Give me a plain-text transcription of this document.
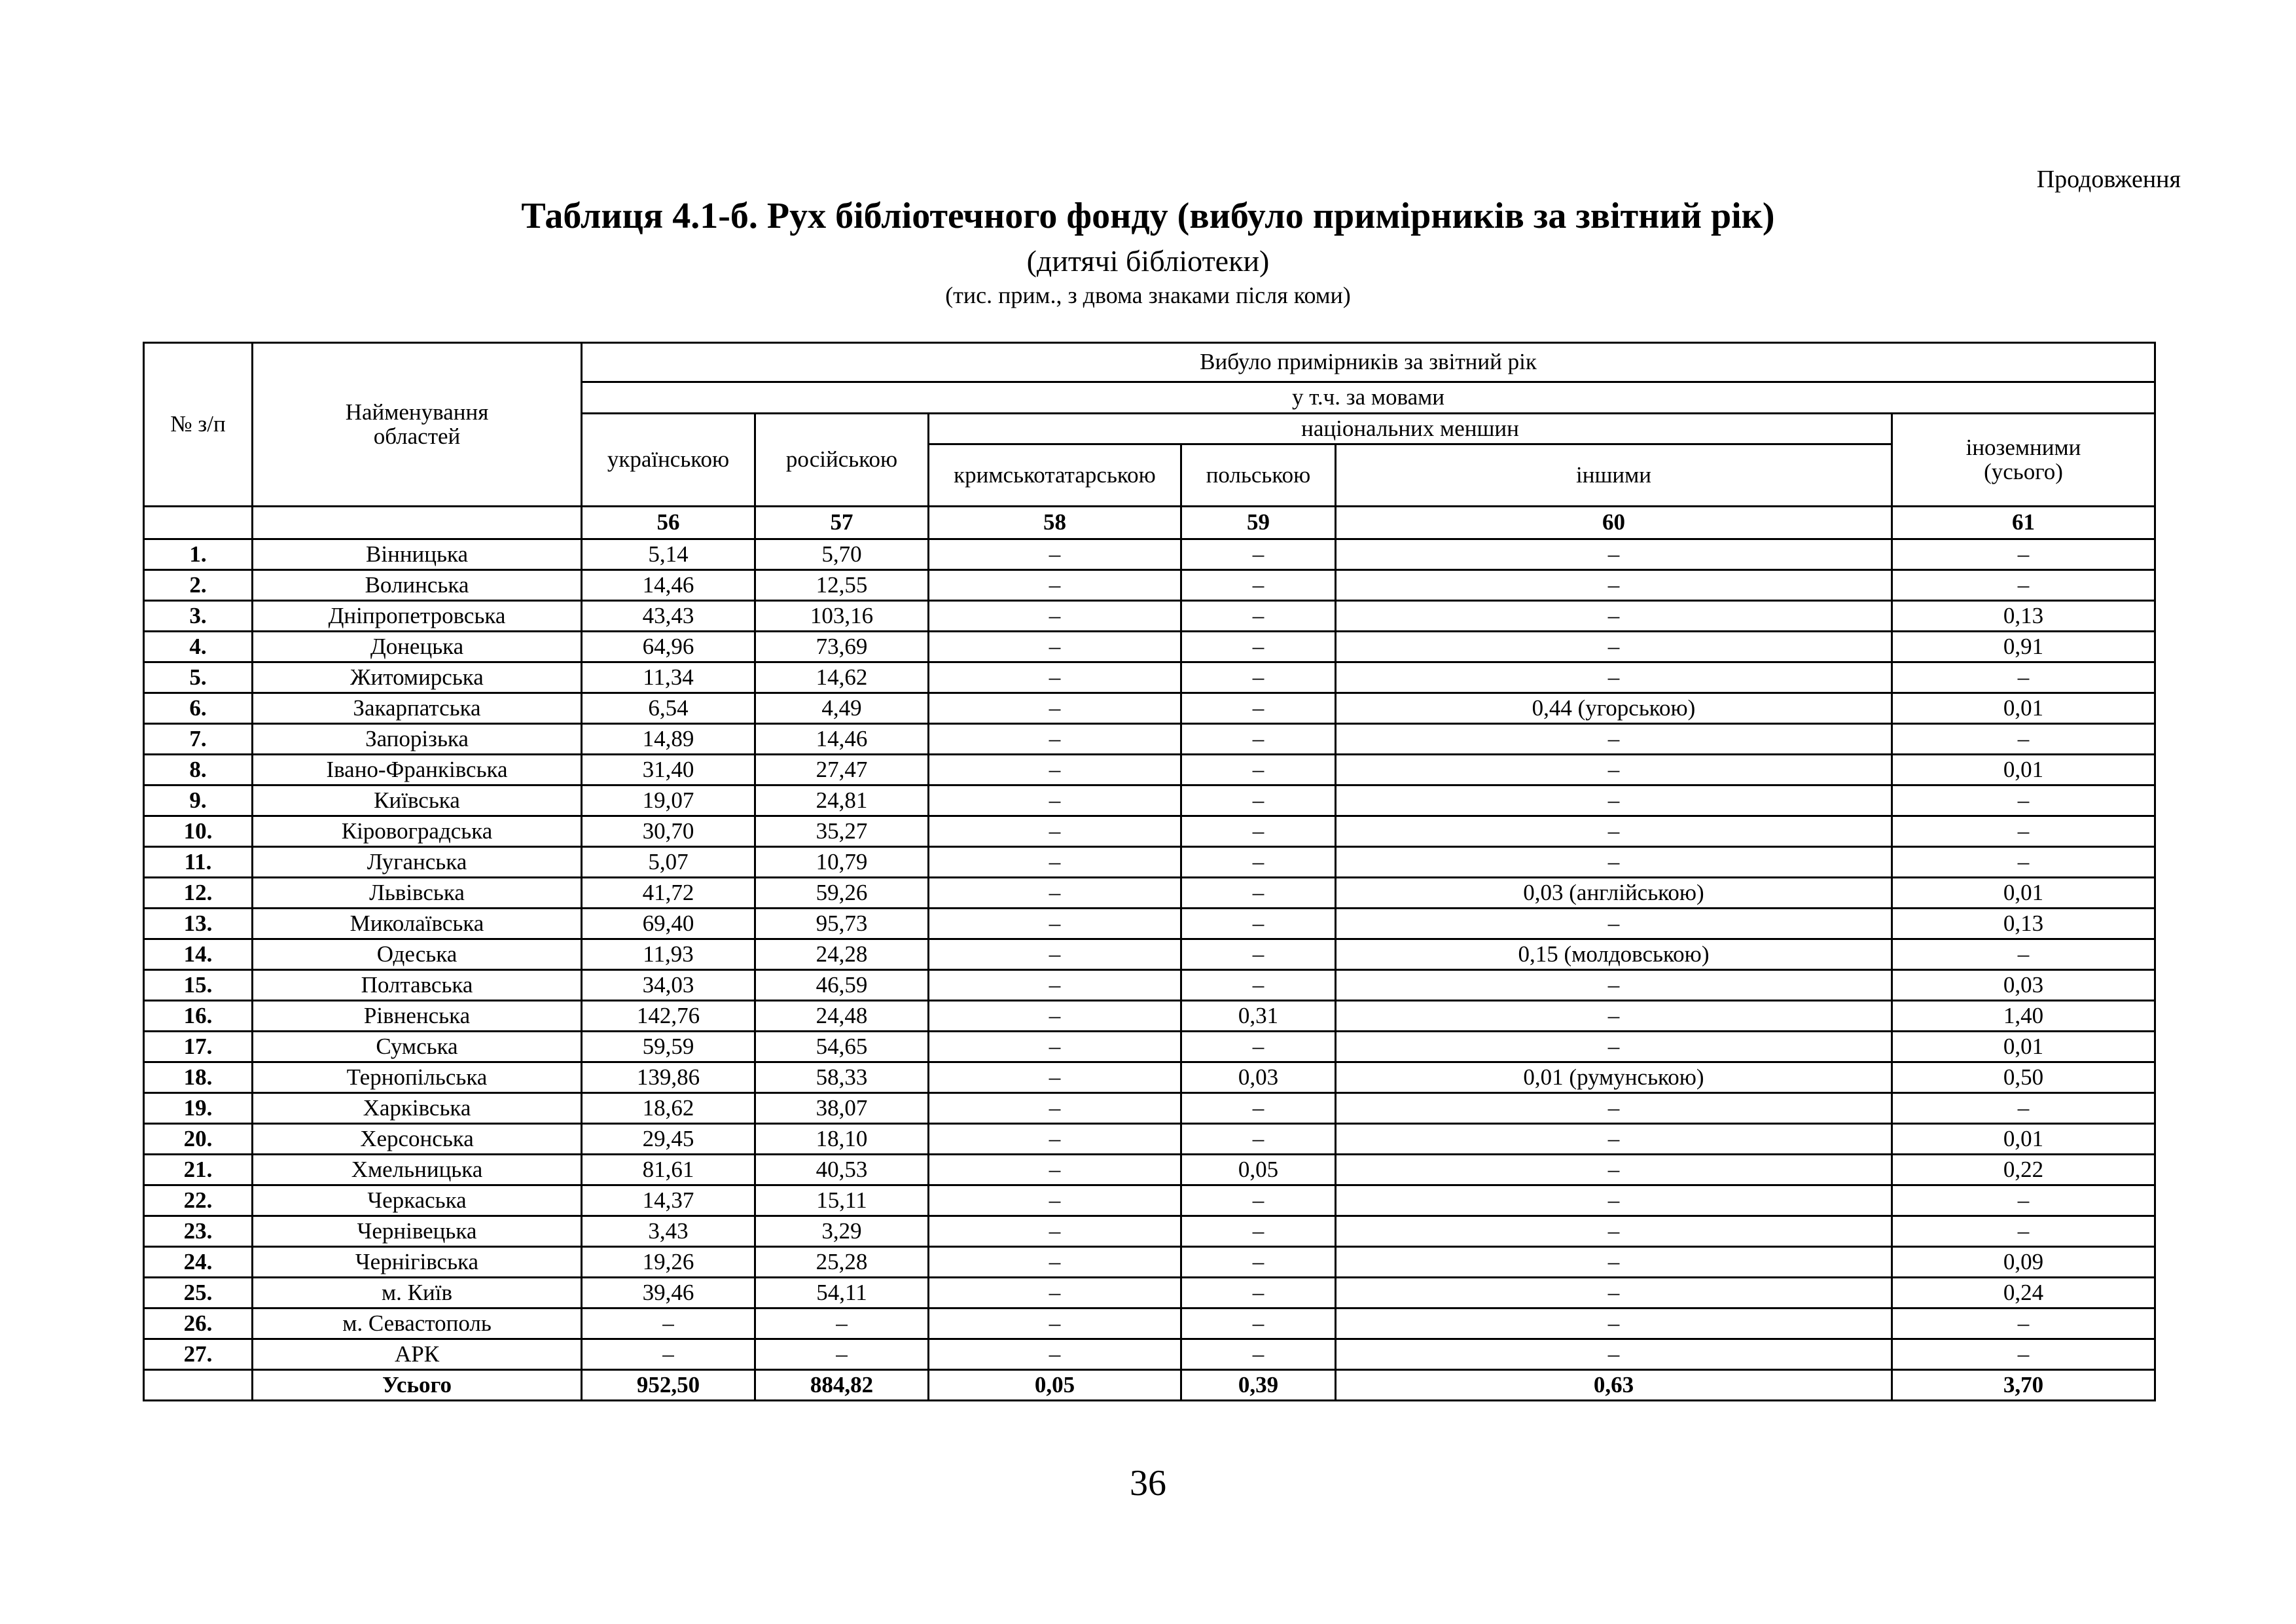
Продовження
Таблиця 4.1-б. Рух бібліотечного фонду (вибуло примірників за звітний рік)
(дитячі бібліотеки)
(тис. прим., з двома знаками після коми)
№ з/п	Найменування областей	Вибуло примірників за звітний рік					
		у т.ч. за мовами					
		українською	російською	національних меншин			іноземними (усього)
				кримськотатарською	польською	іншими	
		56	57	58	59	60	61
1.	Вінницька	5,14	5,70	–	–	–	–
2.	Волинська	14,46	12,55	–	–	–	–
3.	Дніпропетровська	43,43	103,16	–	–	–	0,13
4.	Донецька	64,96	73,69	–	–	–	0,91
5.	Житомирська	11,34	14,62	–	–	–	–
6.	Закарпатська	6,54	4,49	–	–	0,44 (угорською)	0,01
7.	Запорізька	14,89	14,46	–	–	–	–
8.	Івано-Франківська	31,40	27,47	–	–	–	0,01
9.	Київська	19,07	24,81	–	–	–	–
10.	Кіровоградська	30,70	35,27	–	–	–	–
11.	Луганська	5,07	10,79	–	–	–	–
12.	Львівська	41,72	59,26	–	–	0,03 (англійською)	0,01
13.	Миколаївська	69,40	95,73	–	–	–	0,13
14.	Одеська	11,93	24,28	–	–	0,15 (молдовською)	–
15.	Полтавська	34,03	46,59	–	–	–	0,03
16.	Рівненська	142,76	24,48	–	0,31	–	1,40
17.	Сумська	59,59	54,65	–	–	–	0,01
18.	Тернопільська	139,86	58,33	–	0,03	0,01 (румунською)	0,50
19.	Харківська	18,62	38,07	–	–	–	–
20.	Херсонська	29,45	18,10	–	–	–	0,01
21.	Хмельницька	81,61	40,53	–	0,05	–	0,22
22.	Черкаська	14,37	15,11	–	–	–	–
23.	Чернівецька	3,43	3,29	–	–	–	–
24.	Чернігівська	19,26	25,28	–	–	–	0,09
25.	м. Київ	39,46	54,11	–	–	–	0,24
26.	м. Севастополь	–	–	–	–	–	–
27.	АРК	–	–	–	–	–	–
	Усього	952,50	884,82	0,05	0,39	0,63	3,70
36
